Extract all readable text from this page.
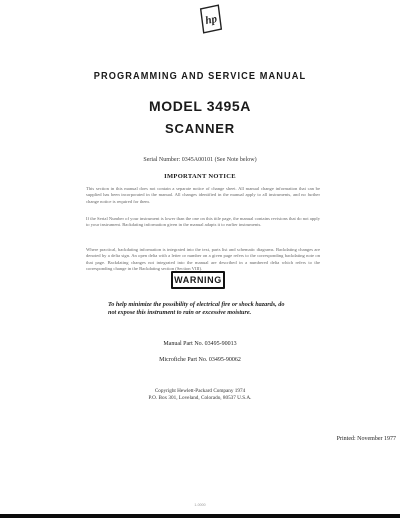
hp
PROGRAMMING AND SERVICE MANUAL
MODEL 3495A
SCANNER
Serial Number: 0345A00101 (See Note below)
IMPORTANT NOTICE
This section in this manual does not contain a separate notice of change sheet. All manual change information that can be supplied has been incorporated in the manual. All changes identified in the manual apply to all instruments, and no further change notice is required for them.
If the Serial Number of your instrument is lower than the one on this title page, the manual contains revisions that do not apply to your instrument. Backdating information given in the manual adapts it to earlier instruments.
Where practical, backdating information is integrated into the text, parts list and schematic diagrams. Backdating changes are denoted by a delta sign. An open delta with a letter or number on a given page refers to the corresponding backdating note on that page. Backdating changes not integrated into the manual are described in a numbered delta which refers to the corresponding change in the Backdating section (Section VIII).
WARNING
To help minimize the possibility of electrical fire or shock hazards, do not expose this instrument to rain or excessive moisture.
Manual Part No. 03495-90013
Microfiche Part No. 03495-90062
Copyright Hewlett-Packard Company 1974
P.O. Box 301, Loveland, Colorado, 80537 U.S.A.
Printed: November 1977
1-0000
